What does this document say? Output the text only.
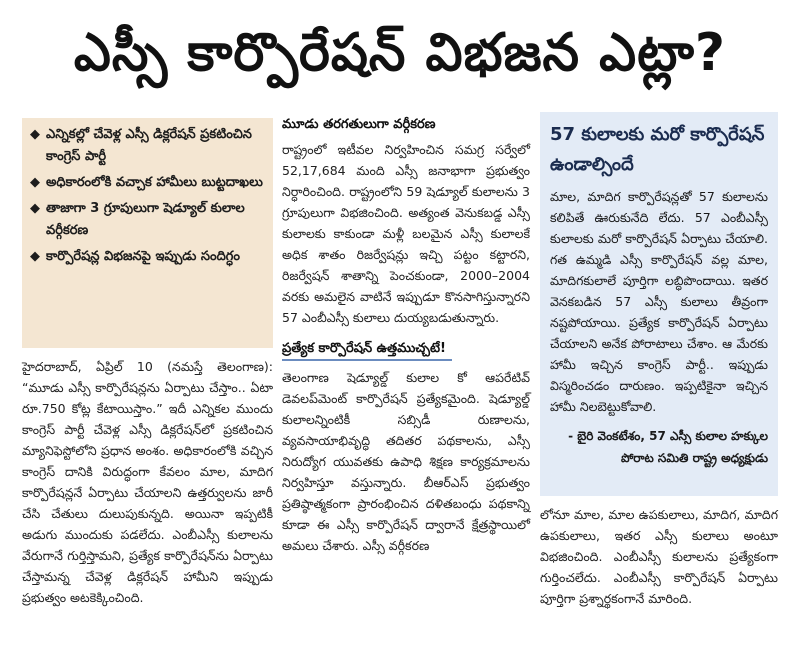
ఎస్సీ కార్పొరేషన్ విభజన ఎట్లా?
◆ ఎన్నికల్లో చేవెళ్ల ఎస్సీ డిక్లరేషన్ ప్రకటించిన కాంగ్రెస్ పార్టీ
◆ అధికారంలోకి వచ్చాక హామీలు బుట్టదాఖలు
◆ తాజాగా 3 గ్రూపులుగా షెడ్యూల్ కులాల వర్గీకరణ
◆ కార్పొరేషన్ల విభజనపై ఇప్పుడు సందిగ్ధం

హైదరాబాద్, ఏప్రిల్ 10 (నమస్తే తెలంగాణ): “మూడు ఎస్సీ కార్పొరేషన్లను ఏర్పాటు చేస్తాం.. ఏటా రూ.750 కోట్ల కేటాయిస్తాం.” ఇదీ ఎన్నికల ముందు కాంగ్రెస్ పార్టీ చేవెళ్ల ఎస్సీ డిక్లరేషన్‌లో ప్రకటించిన మ్యానిఫెస్టోలోని ప్రధాన అంశం. అధికారంలోకి వచ్చిన కాంగ్రెస్ దానికి విరుద్ధంగా కేవలం మాల, మాదిగ కార్పొరేషన్లనే ఏర్పాటు చేయాలని ఉత్తర్వులను జారీ చేసి చేతులు దులుపుకున్నది. అయినా ఇప్పటికీ అడుగు ముందుకు పడలేదు. ఎంబీఎస్సీ కులాలను వేరుగానే గుర్తిస్తామని, ప్రత్యేక కార్పొరేషన్‌ను ఏర్పాటు చేస్తామన్న చేవెళ్ల డిక్లరేషన్ హామీని ఇప్పుడు ప్రభుత్వం అటకెక్కించింది.

మూడు తరగతులుగా వర్గీకరణ

రాష్ట్రంలో ఇటీవల నిర్వహించిన సమగ్ర సర్వేలో 52,17,684 మంది ఎస్సీ జనాభాగా ప్రభుత్వం నిర్ధారించింది. రాష్ట్రంలోని 59 షెడ్యూల్ కులాలను 3 గ్రూపులుగా విభజించింది. అత్యంత వెనుకబడ్డ ఎస్సీ కులాలకు కాకుండా మళ్లీ బలమైన ఎస్సీ కులాలకే అధిక శాతం రిజర్వేషన్లు ఇచ్చి పట్టం కట్టారని, రిజర్వేషన్ శాతాన్ని పెంచకుండా, 2000–2004 వరకు అమలైన వాటినే ఇప్పుడూ కొనసాగిస్తున్నారని 57 ఎంబీఎస్సీ కులాలు దుయ్యబడుతున్నారు.

ప్రత్యేక కార్పొరేషన్ ఉత్తముచ్చటే!

తెలంగాణ షెడ్యూల్డ్ కులాల కో ఆపరేటివ్ డెవలప్‌మెంట్ కార్పొరేషన్ ప్రత్యేకమైంది. షెడ్యూల్డ్ కులాలన్నింటికీ సబ్సిడీ రుణాలను, వ్యవసాయాభివృద్ధి తదితర పథకాలను, ఎస్సీ నిరుద్యోగ యువతకు ఉపాధి శిక్షణ కార్యక్రమాలను నిర్వహిస్తూ వస్తున్నారు. బీఆర్‌ఎస్ ప్రభుత్వం ప్రతిష్ఠాత్మకంగా ప్రారంభించిన దళితబంధు పథకాన్ని కూడా ఈ ఎస్సీ కార్పొరేషన్ ద్వారానే క్షేత్రస్థాయిలో అమలు చేశారు. ఎస్సీ వర్గీకరణ

57 కులాలకు మరో కార్పొరేషన్ ఉండాల్సిందే
మాల, మాదిగ కార్పొరేషన్లతో 57 కులాలను కలిపితే ఊరుకునేది లేదు. 57 ఎంబీఎస్సీ కులాలకు మరో కార్పొరేషన్ ఏర్పాటు చేయాలి. గత ఉమ్మడి ఎస్సీ కార్పొరేషన్ వల్ల మాల, మాదిగకులాలే పూర్తిగా లబ్ధిపొందాయి. ఇతర వెనకబడిన 57 ఎస్సీ కులాలు తీవ్రంగా నష్టపోయాయి. ప్రత్యేక కార్పొరేషన్ ఏర్పాటు చేయాలని అనేక పోరాటాలు చేశాం. ఆ మేరకు హామీ ఇచ్చిన కాంగ్రెస్ పార్టీ.. ఇప్పుడు విస్మరించడం దారుణం. ఇప్పటికైనా ఇచ్చిన హామీ నిలబెట్టుకోవాలి.
- బైరి వెంకటేశం, 57 ఎస్సీ కులాల హక్కుల పోరాట సమితి రాష్ట్ర అధ్యక్షుడు

లోనూ మాల, మాల ఉపకులాలు, మాదిగ, మాదిగ ఉపకులాలు, ఇతర ఎస్సీ కులాలు అంటూ విభజించింది. ఎంబీఎస్సీ కులాలను ప్రత్యేకంగా గుర్తించలేదు. ఎంబీఎస్సీ కార్పొరేషన్ ఏర్పాటు పూర్తిగా ప్రశ్నార్థకంగానే మారింది.
